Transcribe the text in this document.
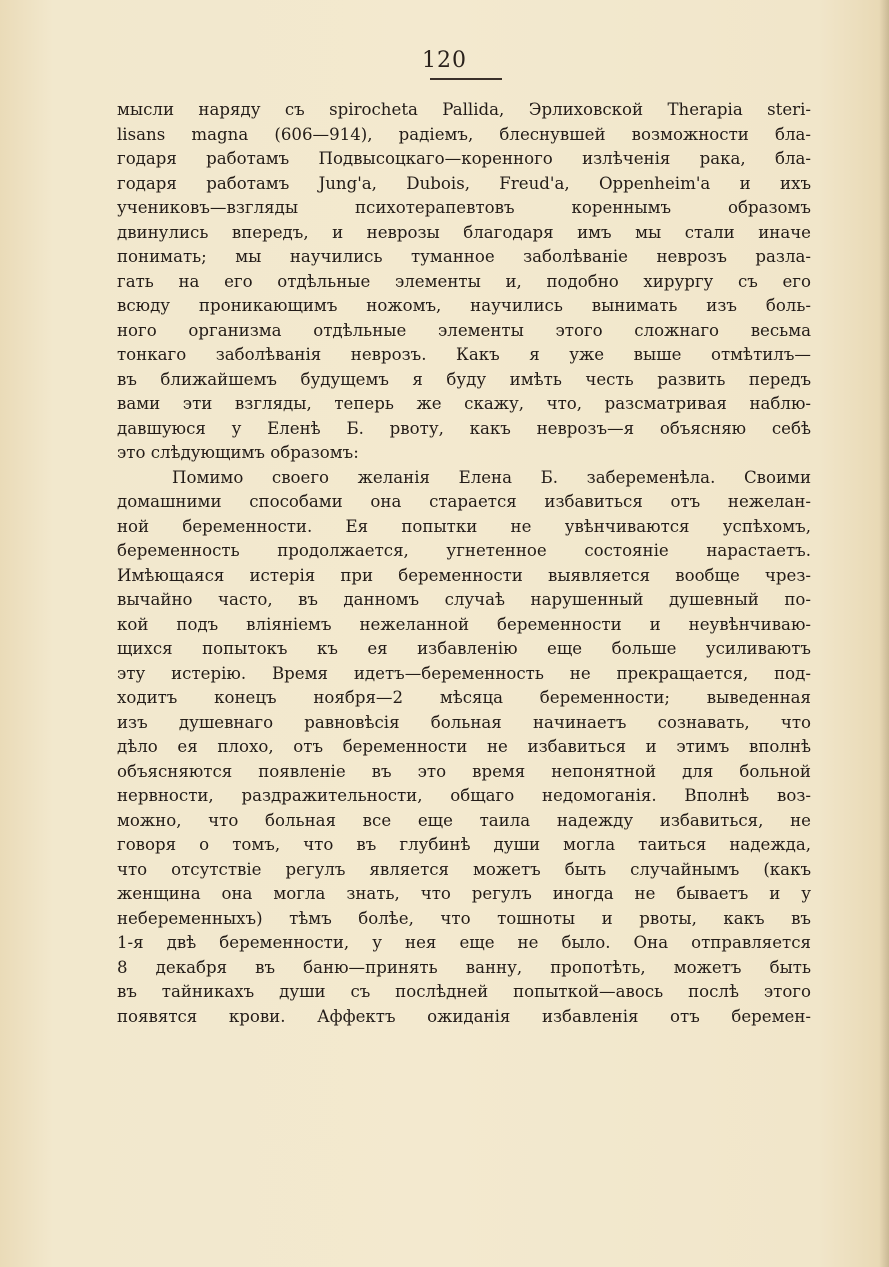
120
мысли наряду съ spirochеta Pallida, Эрлиховской Therapia steri-
lisans magna (606—914), радіемъ, блеснувшей возможности бла-
годаря работамъ Подвысоцкаго—коренного излѣченія рака, бла-
годаря работамъ Jung'a, Dubois, Freud'a, Oppenheim'a и ихъ
учениковъ—взгляды психотерапевтовъ кореннымъ образомъ
двинулись впередъ, и неврозы благодаря имъ мы стали иначе
понимать; мы научились туманное заболѣваніе неврозъ разла-
гать на его отдѣльные элементы и, подобно хирургу съ его
всюду проникающимъ ножомъ, научились вынимать изъ боль-
ного организма отдѣльные элементы этого сложнаго весьма
тонкаго заболѣванія неврозъ. Какъ я уже выше отмѣтилъ—
въ ближайшемъ будущемъ я буду имѣть честь развить передъ
вами эти взгляды, теперь же скажу, что, разсматривая наблю-
давшуюся у Еленѣ Б. рвоту, какъ неврозъ—я объясняю себѣ
это слѣдующимъ образомъ:
Помимо своего желанія Елена Б. забеременѣла. Своими
домашними способами она старается избавиться отъ нежелан-
ной беременности. Ея попытки не увѣнчиваются успѣхомъ,
беременность продолжается, угнетенное состояніе нарастаетъ.
Имѣющаяся истерія при беременности выявляется вообще чрез-
вычайно часто, въ данномъ случаѣ нарушенный душевный по-
кой подъ вліяніемъ нежеланной беременности и неувѣнчиваю-
щихся попытокъ къ ея избавленію еще больше усиливаютъ
эту истерію. Время идетъ—беременность не прекращается, под-
ходитъ конецъ ноября—2 мѣсяца беременности; выведенная
изъ душевнаго равновѣсія больная начинаетъ сознавать, что
дѣло ея плохо, отъ беременности не избавиться и этимъ вполнѣ
объясняются появленіе въ это время непонятной для больной
нервности, раздражительности, общаго недомоганія. Вполнѣ воз-
можно, что больная все еще таила надежду избавиться, не
говоря о томъ, что въ глубинѣ души могла таиться надежда,
что отсутствіе регулъ является можетъ быть случайнымъ (какъ
женщина она могла знать, что регулъ иногда не бываетъ и у
небеременныхъ) тѣмъ болѣе, что тошноты и рвоты, какъ въ
1-я двѣ беременности, у нея еще не было. Она отправляется
8 декабря въ баню—принять ванну, пропотѣть, можетъ быть
въ тайникахъ души съ послѣдней попыткой—авось послѣ этого
появятся крови. Аффектъ ожиданія избавленія отъ беремен-
